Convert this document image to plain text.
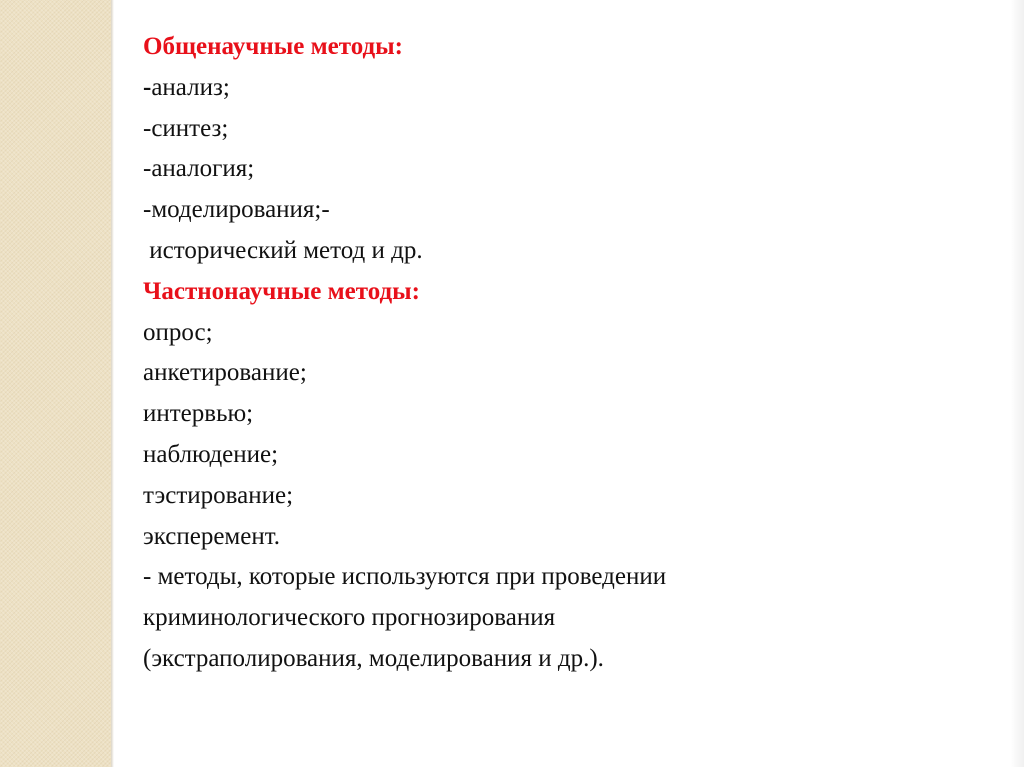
Общенаучные методы:
-анализ;
-синтез;
-аналогия;
-моделирования;-
исторический метод и др.
Частнонаучные методы:
опрос;
анкетирование;
интервью;
наблюдение;
тэстирование;
эксперемент.
- методы, которые используются при проведении
криминологического прогнозирования
(экстраполирования, моделирования и др.).
